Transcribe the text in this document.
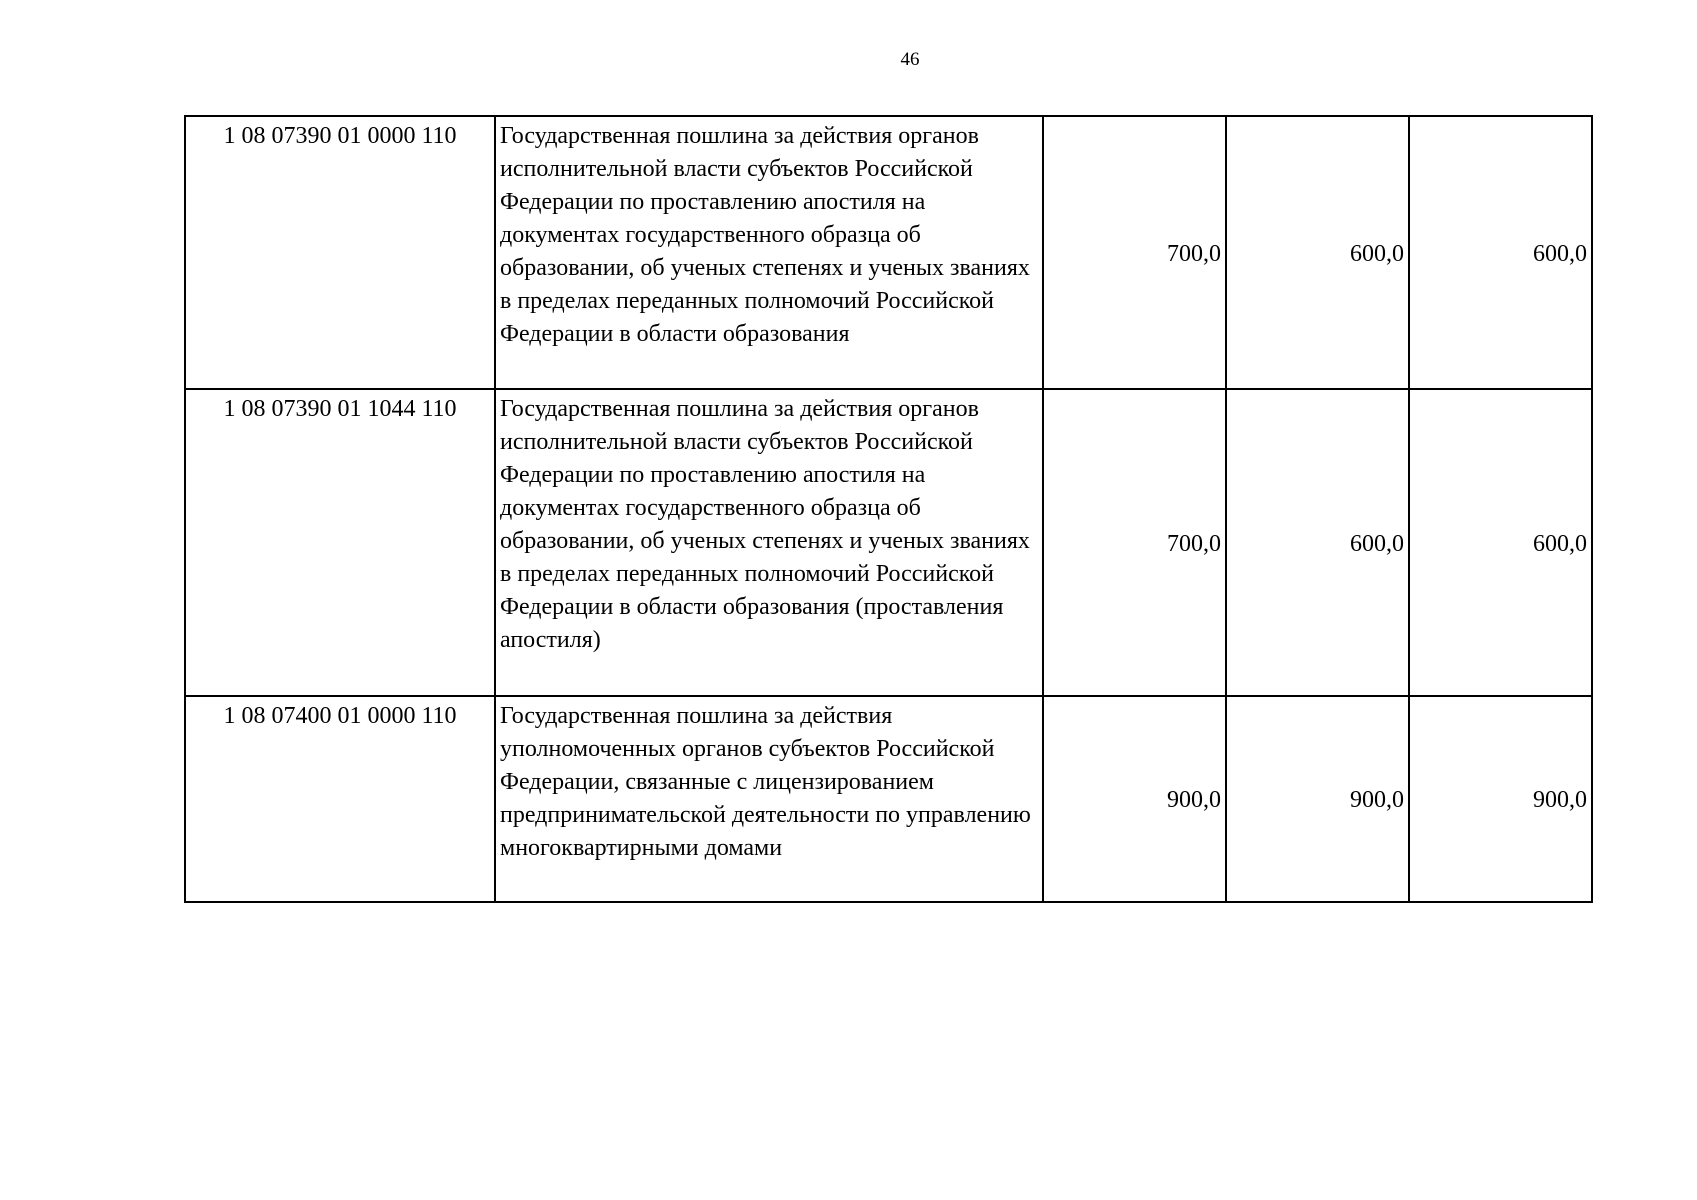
46
1 08 07390 01 0000 110	Государственная пошлина за действия органов исполнительной власти субъектов Российской Федерации по проставлению апостиля на документах государственного образца об образовании, об ученых степенях и ученых званиях в пределах переданных полномочий Российской Федерации в области образования	700,0	600,0	600,0
1 08 07390 01 1044 110	Государственная пошлина за действия органов исполнительной власти субъектов Российской Федерации по проставлению апостиля на документах государственного образца об образовании, об ученых степенях и ученых званиях в пределах переданных полномочий Российской Федерации в области образования (проставления апостиля)	700,0	600,0	600,0
1 08 07400 01 0000 110	Государственная пошлина за действия уполномоченных органов субъектов Российской Федерации, связанные с лицензированием предпринимательской деятельности по управлению многоквартирными домами	900,0	900,0	900,0
